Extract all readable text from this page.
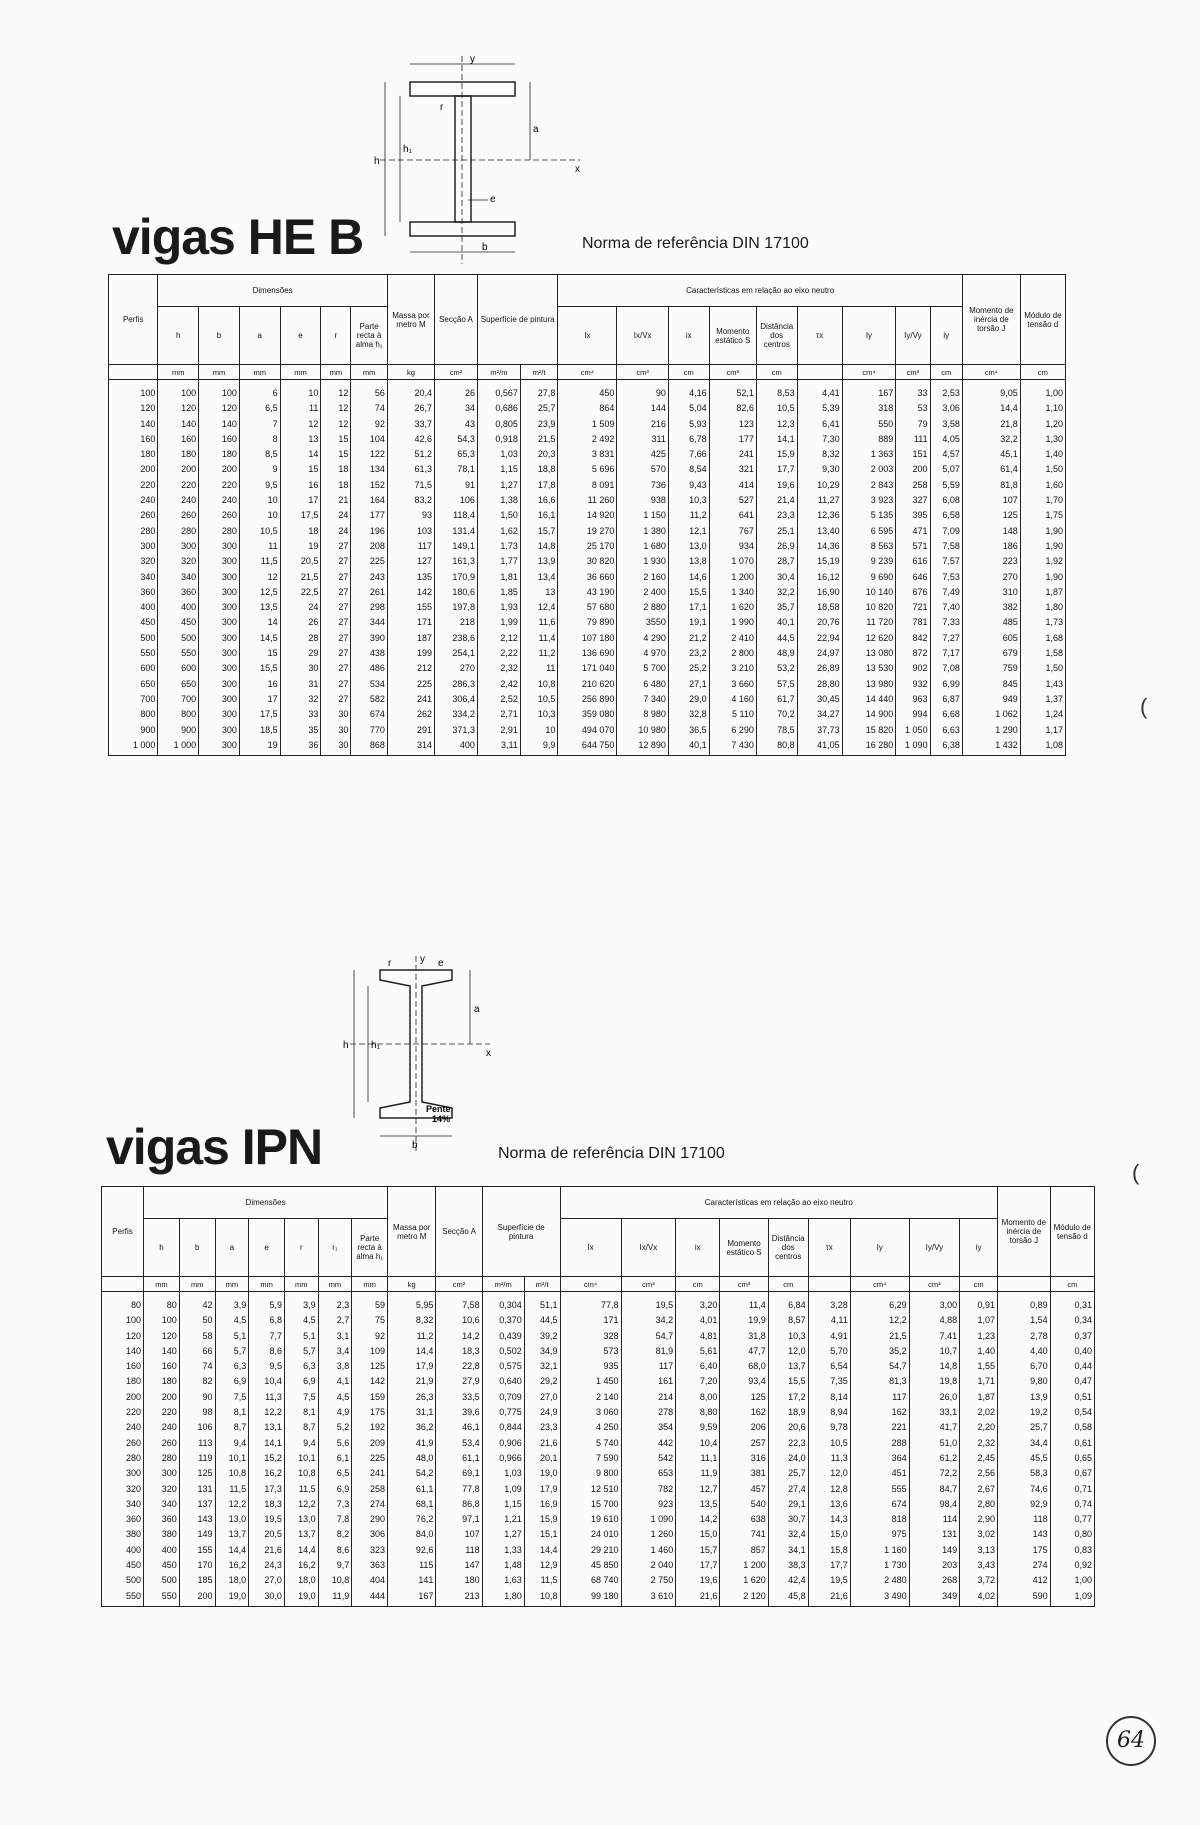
y
x
h
h₁
b
a
e
r
vigas HE B	Norma de referência DIN 17100
Perfis	Dimensões						Massa por metro M	Secção A	Superfície de pintura		Características em relação ao eixo neutro									Momento de inércia de torsão J	Módulo de tensão d
	h	b	a	e	r	Parte recta à alma h₁					Ix	Ix/Vx	ix	Momento estático S	Distância dos centros	τx	Iy	Iy/Vy	iy		
	mm	mm	mm	mm	mm	mm	kg	cm²	m²/m	m²/t	cm⁴	cm³	cm	cm³	cm		cm⁴	cm³	cm	cm⁴	cm
100	100	100	6	10	12	56	20,4	26	0,567	27,8	450	90	4,16	52,1	8,53	4,41	167	33	2,53	9,05	1,00
120	120	120	6,5	11	12	74	26,7	34	0,686	25,7	864	144	5,04	82,6	10,5	5,39	318	53	3,06	14,4	1,10
140	140	140	7	12	12	92	33,7	43	0,805	23,9	1 509	216	5,93	123	12,3	6,41	550	79	3,58	21,8	1,20
160	160	160	8	13	15	104	42,6	54,3	0,918	21,5	2 492	311	6,78	177	14,1	7,30	889	111	4,05	32,2	1,30
180	180	180	8,5	14	15	122	51,2	65,3	1,03	20,3	3 831	425	7,66	241	15,9	8,32	1 363	151	4,57	45,1	1,40
200	200	200	9	15	18	134	61,3	78,1	1,15	18,8	5 696	570	8,54	321	17,7	9,30	2 003	200	5,07	61,4	1,50
220	220	220	9,5	16	18	152	71,5	91	1,27	17,8	8 091	736	9,43	414	19,6	10,29	2 843	258	5,59	81,8	1,60
240	240	240	10	17	21	164	83,2	106	1,38	16,6	11 260	938	10,3	527	21,4	11,27	3 923	327	6,08	107	1,70
260	260	260	10	17,5	24	177	93	118,4	1,50	16,1	14 920	1 150	11,2	641	23,3	12,36	5 135	395	6,58	125	1,75
280	280	280	10,5	18	24	196	103	131,4	1,62	15,7	19 270	1 380	12,1	767	25,1	13,40	6 595	471	7,09	148	1,90
300	300	300	11	19	27	208	117	149,1	1,73	14,8	25 170	1 680	13,0	934	26,9	14,36	8 563	571	7,58	186	1,90
320	320	300	11,5	20,5	27	225	127	161,3	1,77	13,9	30 820	1 930	13,8	1 070	28,7	15,19	9 239	616	7,57	223	1,92
340	340	300	12	21,5	27	243	135	170,9	1,81	13,4	36 660	2 160	14,6	1 200	30,4	16,12	9 690	646	7,53	270	1,90
360	360	300	12,5	22,5	27	261	142	180,6	1,85	13	43 190	2 400	15,5	1 340	32,2	16,90	10 140	676	7,49	310	1,87
400	400	300	13,5	24	27	298	155	197,8	1,93	12,4	57 680	2 880	17,1	1 620	35,7	18,58	10 820	721	7,40	382	1,80
450	450	300	14	26	27	344	171	218	1,99	11,6	79 890	3550	19,1	1 990	40,1	20,76	11 720	781	7,33	485	1,73
500	500	300	14,5	28	27	390	187	238,6	2,12	11,4	107 180	4 290	21,2	2 410	44,5	22,94	12 620	842	7,27	605	1,68
550	550	300	15	29	27	438	199	254,1	2,22	11,2	136 690	4 970	23,2	2 800	48,9	24,97	13 080	872	7,17	679	1,58
600	600	300	15,5	30	27	486	212	270	2,32	11	171 040	5 700	25,2	3 210	53,2	26,89	13 530	902	7,08	759	1,50
650	650	300	16	31	27	534	225	286,3	2,42	10,8	210 620	6 480	27,1	3 660	57,5	28,80	13 980	932	6,99	845	1,43
700	700	300	17	32	27	582	241	306,4	2,52	10,5	256 890	7 340	29,0	4 160	61,7	30,45	14 440	963	6,87	949	1,37
800	800	300	17,5	33	30	674	262	334,2	2,71	10,3	359 080	8 980	32,8	5 110	70,2	34,27	14 900	994	6,68	1 062	1,24
900	900	300	18,5	35	30	770	291	371,3	2,91	10	494 070	10 980	36,5	6 290	78,5	37,73	15 820	1 050	6,63	1 290	1,17
1 000	1 000	300	19	36	30	868	314	400	3,11	9,9	644 750	12 890	40,1	7 430	80,8	41,05	16 280	1 090	6,38	1 432	1,08
(
y
x
h h₁
b
a
e
r
Pente
14%
vigas IPN	Norma de referência DIN 17100
Perfis	Dimensões							Massa por metro M	Secção A	Superfície de pintura		Características em relação ao eixo neutro									Momento de inércia de torsão J	Módulo de tensão d
	h	b	a	e	r	r₁	Parte recta à alma h₁					Ix	Ix/Vx	ix	Momento estático S	Distância dos centros	τx	Iy	Iy/Vy	iy		
	mm	mm	mm	mm	mm	mm	mm	kg	cm²	m²/m	m²/t	cm⁴	cm³	cm	cm³	cm		cm⁴	cm³	cm		cm
80	80	42	3,9	5,9	3,9	2,3	59	5,95	7,58	0,304	51,1	77,8	19,5	3,20	11,4	6,84	3,28	6,29	3,00	0,91	0,89	0,31
100	100	50	4,5	6,8	4,5	2,7	75	8,32	10,6	0,370	44,5	171	34,2	4,01	19,9	8,57	4,11	12,2	4,88	1,07	1,54	0,34
120	120	58	5,1	7,7	5,1	3,1	92	11,2	14,2	0,439	39,2	328	54,7	4,81	31,8	10,3	4,91	21,5	7,41	1,23	2,78	0,37
140	140	66	5,7	8,6	5,7	3,4	109	14,4	18,3	0,502	34,9	573	81,9	5,61	47,7	12,0	5,70	35,2	10,7	1,40	4,40	0,40
160	160	74	6,3	9,5	6,3	3,8	125	17,9	22,8	0,575	32,1	935	117	6,40	68,0	13,7	6,54	54,7	14,8	1,55	6,70	0,44
180	180	82	6,9	10,4	6,9	4,1	142	21,9	27,9	0,640	29,2	1 450	161	7,20	93,4	15,5	7,35	81,3	19,8	1,71	9,80	0,47
200	200	90	7,5	11,3	7,5	4,5	159	26,3	33,5	0,709	27,0	2 140	214	8,00	125	17,2	8,14	117	26,0	1,87	13,9	0,51
220	220	98	8,1	12,2	8,1	4,9	175	31,1	39,6	0,775	24,9	3 060	278	8,80	162	18,9	8,94	162	33,1	2,02	19,2	0,54
240	240	106	8,7	13,1	8,7	5,2	192	36,2	46,1	0,844	23,3	4 250	354	9,59	206	20,6	9,78	221	41,7	2,20	25,7	0,58
260	260	113	9,4	14,1	9,4	5,6	209	41,9	53,4	0,906	21,6	5 740	442	10,4	257	22,3	10,5	288	51,0	2,32	34,4	0,61
280	280	119	10,1	15,2	10,1	6,1	225	48,0	61,1	0,966	20,1	7 590	542	11,1	316	24,0	11,3	364	61,2	2,45	45,5	0,65
300	300	125	10,8	16,2	10,8	6,5	241	54,2	69,1	1,03	19,0	9 800	653	11,9	381	25,7	12,0	451	72,2	2,56	58,3	0,67
320	320	131	11,5	17,3	11,5	6,9	258	61,1	77,8	1,09	17,9	12 510	782	12,7	457	27,4	12,8	555	84,7	2,67	74,6	0,71
340	340	137	12,2	18,3	12,2	7,3	274	68,1	86,8	1,15	16,9	15 700	923	13,5	540	29,1	13,6	674	98,4	2,80	92,9	0,74
360	360	143	13,0	19,5	13,0	7,8	290	76,2	97,1	1,21	15,9	19 610	1 090	14,2	638	30,7	14,3	818	114	2,90	118	0,77
380	380	149	13,7	20,5	13,7	8,2	306	84,0	107	1,27	15,1	24 010	1 260	15,0	741	32,4	15,0	975	131	3,02	143	0,80
400	400	155	14,4	21,6	14,4	8,6	323	92,6	118	1,33	14,4	29 210	1 460	15,7	857	34,1	15,8	1 160	149	3,13	175	0,83
450	450	170	16,2	24,3	16,2	9,7	363	115	147	1,48	12,9	45 850	2 040	17,7	1 200	38,3	17,7	1 730	203	3,43	274	0,92
500	500	185	18,0	27,0	18,0	10,8	404	141	180	1,63	11,5	68 740	2 750	19,6	1 620	42,4	19,5	2 480	268	3,72	412	1,00
550	550	200	19,0	30,0	19,0	11,9	444	167	213	1,80	10,8	99 180	3 610	21,6	2 120	45,8	21,6	3 490	349	4,02	590	1,09
(
64
